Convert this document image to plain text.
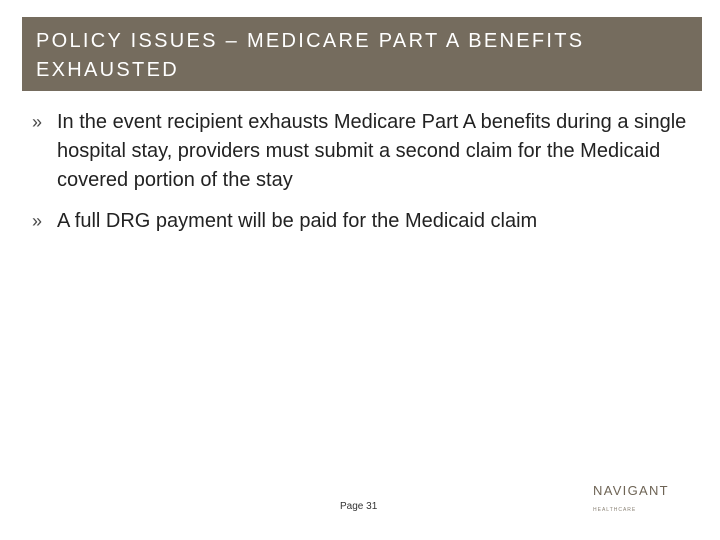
POLICY ISSUES – MEDICARE PART A BENEFITS EXHAUSTED
» In the event recipient exhausts Medicare Part A benefits during a single hospital stay, providers must submit a second claim for the Medicaid covered portion of the stay
» A full DRG payment will be paid for the Medicaid claim
Page 31
NAVIGANT
HEALTHCARE
